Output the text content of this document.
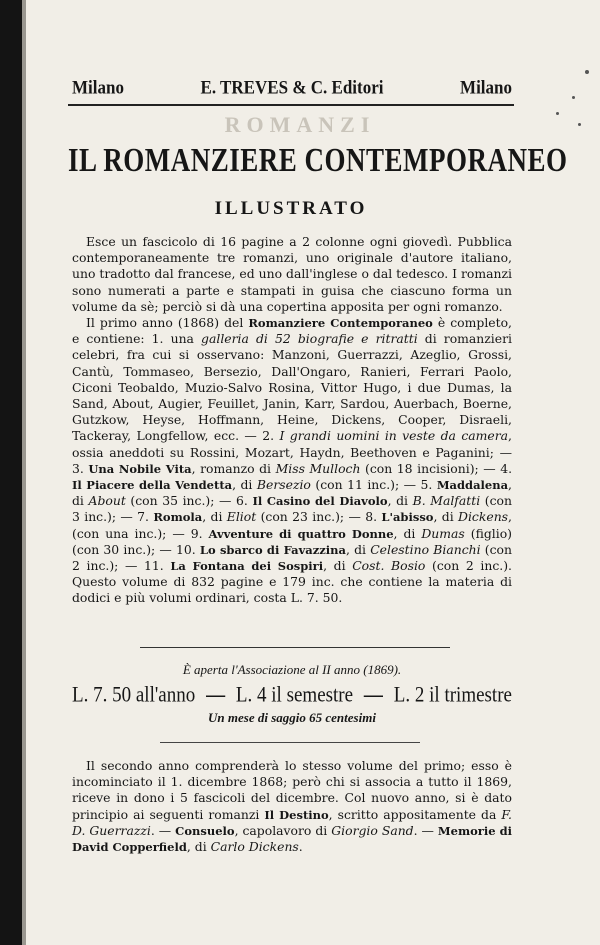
Milano	E. TREVES & C. Editori	Milano
ROMANZI
IL ROMANZIERE CONTEMPORANEO
ILLUSTRATO

Esce un fascicolo di 16 pagine a 2 colonne ogni giovedì. Pubblica contemporaneamente tre romanzi, uno originale d'autore italiano, uno tradotto dal francese, ed uno dall'inglese o dal tedesco. I romanzi sono numerati a parte e stampati in guisa che ciascuno forma un volume da sè; perciò si dà una copertina apposita per ogni romanzo.

Il primo anno (1868) del Romanziere Contemporaneo è completo, e contiene: 1. una galleria di 52 biografie e ritratti di romanzieri celebri, fra cui si osservano: Manzoni, Guerrazzi, Azeglio, Grossi, Cantù, Tommaseo, Bersezio, Dall'Ongaro, Ranieri, Ferrari Paolo, Ciconi Teobaldo, Muzio-Salvo Rosina, Vittor Hugo, i due Dumas, la Sand, About, Augier, Feuillet, Janin, Karr, Sardou, Auerbach, Boerne, Gutzkow, Heyse, Hoffmann, Heine, Dickens, Cooper, Disraeli, Tackeray, Longfellow, ecc. — 2. I grandi uomini in veste da camera, ossia aneddoti su Rossini, Mozart, Haydn, Beethoven e Paganini; — 3. Una Nobile Vita, romanzo di Miss Mulloch (con 18 incisioni); — 4. Il Piacere della Vendetta, di Bersezio (con 11 inc.); — 5. Maddalena, di About (con 35 inc.); — 6. Il Casino del Diavolo, di B. Malfatti (con 3 inc.); — 7. Romola, di Eliot (con 23 inc.); — 8. L'abisso, di Dickens, (con una inc.); — 9. Avventure di quattro Donne, di Dumas (figlio) (con 30 inc.); — 10. Lo sbarco di Favazzina, di Celestino Bianchi (con 2 inc.); — 11. La Fontana dei Sospiri, di Cost. Bosio (con 2 inc.). Questo volume di 832 pagine e 179 inc. che contiene la materia di dodici e più volumi ordinari, costa L. 7. 50.

È aperta l'Associazione al II anno (1869).
L. 7. 50 all'anno — L. 4 il semestre — L. 2 il trimestre
Un mese di saggio 65 centesimi

Il secondo anno comprenderà lo stesso volume del primo; esso è incominciato il 1. dicembre 1868; però chi si associa a tutto il 1869, riceve in dono i 5 fascicoli del dicembre. Col nuovo anno, si è dato principio ai seguenti romanzi Il Destino, scritto appositamente da F. D. Guerrazzi. — Consuelo, capolavoro di Giorgio Sand. — Memorie di David Copperfield, di Carlo Dickens.
